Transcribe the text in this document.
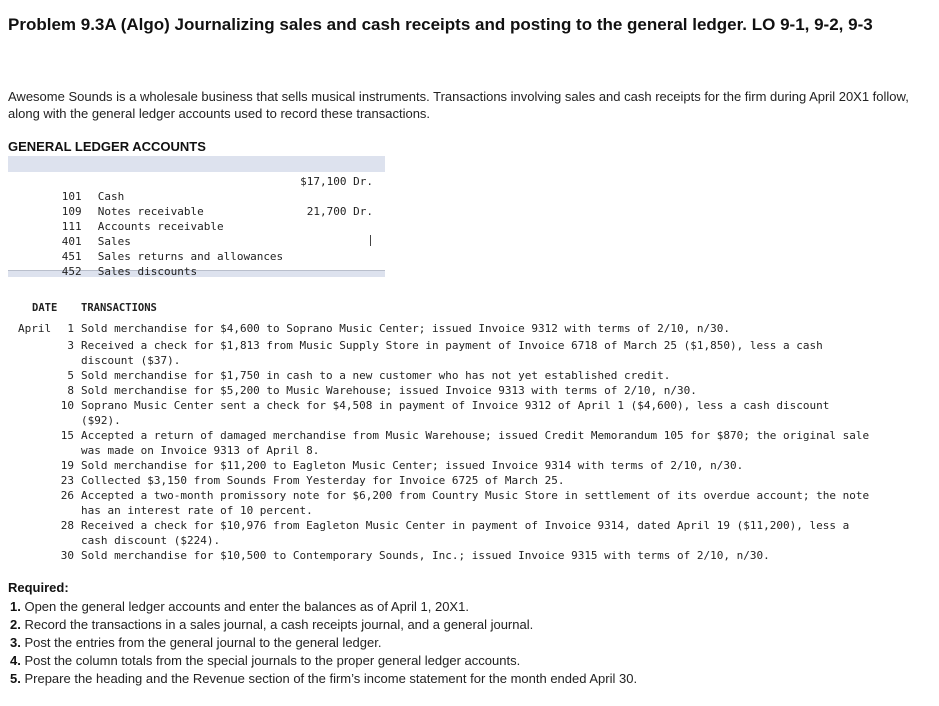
Problem 9.3A (Algo) Journalizing sales and cash receipts and posting to the general ledger. LO 9-1, 9-2, 9-3
Awesome Sounds is a wholesale business that sells musical instruments. Transactions involving sales and cash receipts for the firm during April 20X1 follow, along with the general ledger accounts used to record these transactions.
GENERAL LEDGER ACCOUNTS

101 Cash

$17,100 Dr.

109 Notes receivable

111 Accounts receivable

21,700 Dr.

401 Sales

451 Sales returns and allowances

452 Sales discounts

DATE TRANSACTIONS
April	1 Sold merchandise for $4,600 to Soprano Music Center; issued Invoice 9312 with terms of 2/10, n/30.
3 Received a check for $1,813 from Music Supply Store in payment of Invoice 6718 of March 25 ($1,850), less a cash
discount ($37).
5 Sold merchandise for $1,750 in cash to a new customer who has not yet established credit.
8 Sold merchandise for $5,200 to Music Warehouse; issued Invoice 9313 with terms of 2/10, n/30.
10 Soprano Music Center sent a check for $4,508 in payment of Invoice 9312 of April 1 ($4,600), less a cash discount
($92).
15 Accepted a return of damaged merchandise from Music Warehouse; issued Credit Memorandum 105 for $870; the original sale
was made on Invoice 9313 of April 8.
19 Sold merchandise for $11,200 to Eagleton Music Center; issued Invoice 9314 with terms of 2/10, n/30.
23 Collected $3,150 from Sounds From Yesterday for Invoice 6725 of March 25.
26 Accepted a two-month promissory note for $6,200 from Country Music Store in settlement of its overdue account; the note
has an interest rate of 10 percent.
28 Received a check for $10,976 from Eagleton Music Center in payment of Invoice 9314, dated April 19 ($11,200), less a
cash discount ($224).
30 Sold merchandise for $10,500 to Contemporary Sounds, Inc.; issued Invoice 9315 with terms of 2/10, n/30.
Required:
1. Open the general ledger accounts and enter the balances as of April 1, 20X1.
2. Record the transactions in a sales journal, a cash receipts journal, and a general journal.
3. Post the entries from the general journal to the general ledger.
4. Post the column totals from the special journals to the proper general ledger accounts.
5. Prepare the heading and the Revenue section of the firm’s income statement for the month ended April 30.
